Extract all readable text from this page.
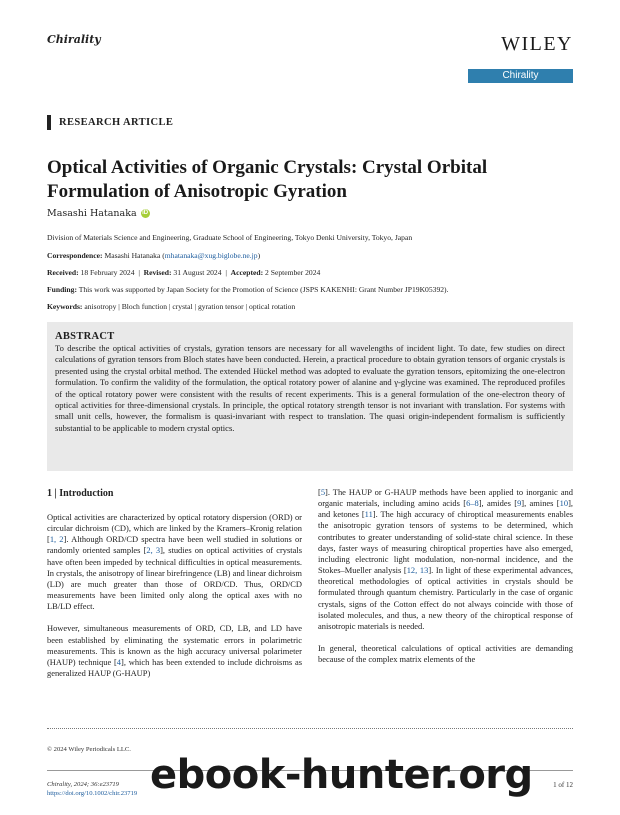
Chirality	WILEY
Chirality
RESEARCH ARTICLE
Optical Activities of Organic Crystals: Crystal Orbital Formulation of Anisotropic Gyration
Masashi Hatanaka iD
Division of Materials Science and Engineering, Graduate School of Engineering, Tokyo Denki University, Tokyo, Japan
Correspondence: Masashi Hatanaka (mhatanaka@xug.biglobe.ne.jp)
Received: 18 February 2024 | Revised: 31 August 2024 | Accepted: 2 September 2024
Funding: This work was supported by Japan Society for the Promotion of Science (JSPS KAKENHI: Grant Number JP19K05392).
Keywords: anisotropy | Bloch function | crystal | gyration tensor | optical rotation
ABSTRACT
To describe the optical activities of crystals, gyration tensors are necessary for all wavelengths of incident light. To date, few studies on direct calculations of gyration tensors from Bloch states have been conducted. Herein, a practical procedure to obtain gyration tensors of organic crystals is presented using the crystal orbital method. The extended Hückel method was adopted to evaluate the gyration tensors, epitomizing the one-electron formulation. To confirm the validity of the formulation, the optical rotatory power of alanine and γ-glycine was examined. The reproduced profiles of the optical rotatory power were consistent with the results of recent experiments. This is a general formulation of the one-electron theory of optical activities for three-dimensional crystals. In principle, the optical rotatory strength tensor is not invariant with translation. For systems with small unit cells, however, the formalism is quasi-invariant with respect to translation. The quasi origin-independent formalism is sufficiently substantial to be applicable to modern crystal optics.
1 | Introduction

Optical activities are characterized by optical rotatory dispersion (ORD) or circular dichroism (CD), which are linked by the Kramers–Kronig relation [1, 2]. Although ORD/CD spectra have been well studied in solutions or randomly oriented samples [2, 3], studies on optical activities of crystals have often been impeded by technical difficulties in optical measurements. In crystals, the anisotropy of linear birefringence (LB) and linear dichroism (LD) are much greater than those of ORD/CD. Thus, ORD/CD measurements have been limited only along the optical axes with no LB/LD effect.

However, simultaneous measurements of ORD, CD, LB, and LD have been established by eliminating the systematic errors in polarimetric measurements. This is known as the high accuracy universal polarimeter (HAUP) technique [4], which has been extended to include dichroisms as generalized HAUP (G-HAUP)

[5]. The HAUP or G-HAUP methods have been applied to inorganic and organic materials, including amino acids [6–8], amides [9], amines [10], and ketones [11]. The high accuracy of chiroptical measurements enables the anisotropic gyration tensors of systems to be determined, which contributes to greater understanding of solid-state chiral science. In these days, faster ways of measuring chiroptical properties have also emerged, including electronic light modulation, non-normal incidence, and the Stokes–Mueller analysis [12, 13]. In light of these experimental advances, theoretical methodologies of optical activities in crystals should be formulated through quantum chemistry. Particularly in the case of organic crystals, signs of the Cotton effect do not always coincide with those of isolated molecules, and thus, a new theory of the chiroptical response of anisotropic materials is needed.

In general, theoretical calculations of optical activities are demanding because of the complex matrix elements of the

© 2024 Wiley Periodicals LLC.
Chirality, 2024; 36:e23719
https://doi.org/10.1002/chir.23719
1 of 12
ebook-hunter.org
